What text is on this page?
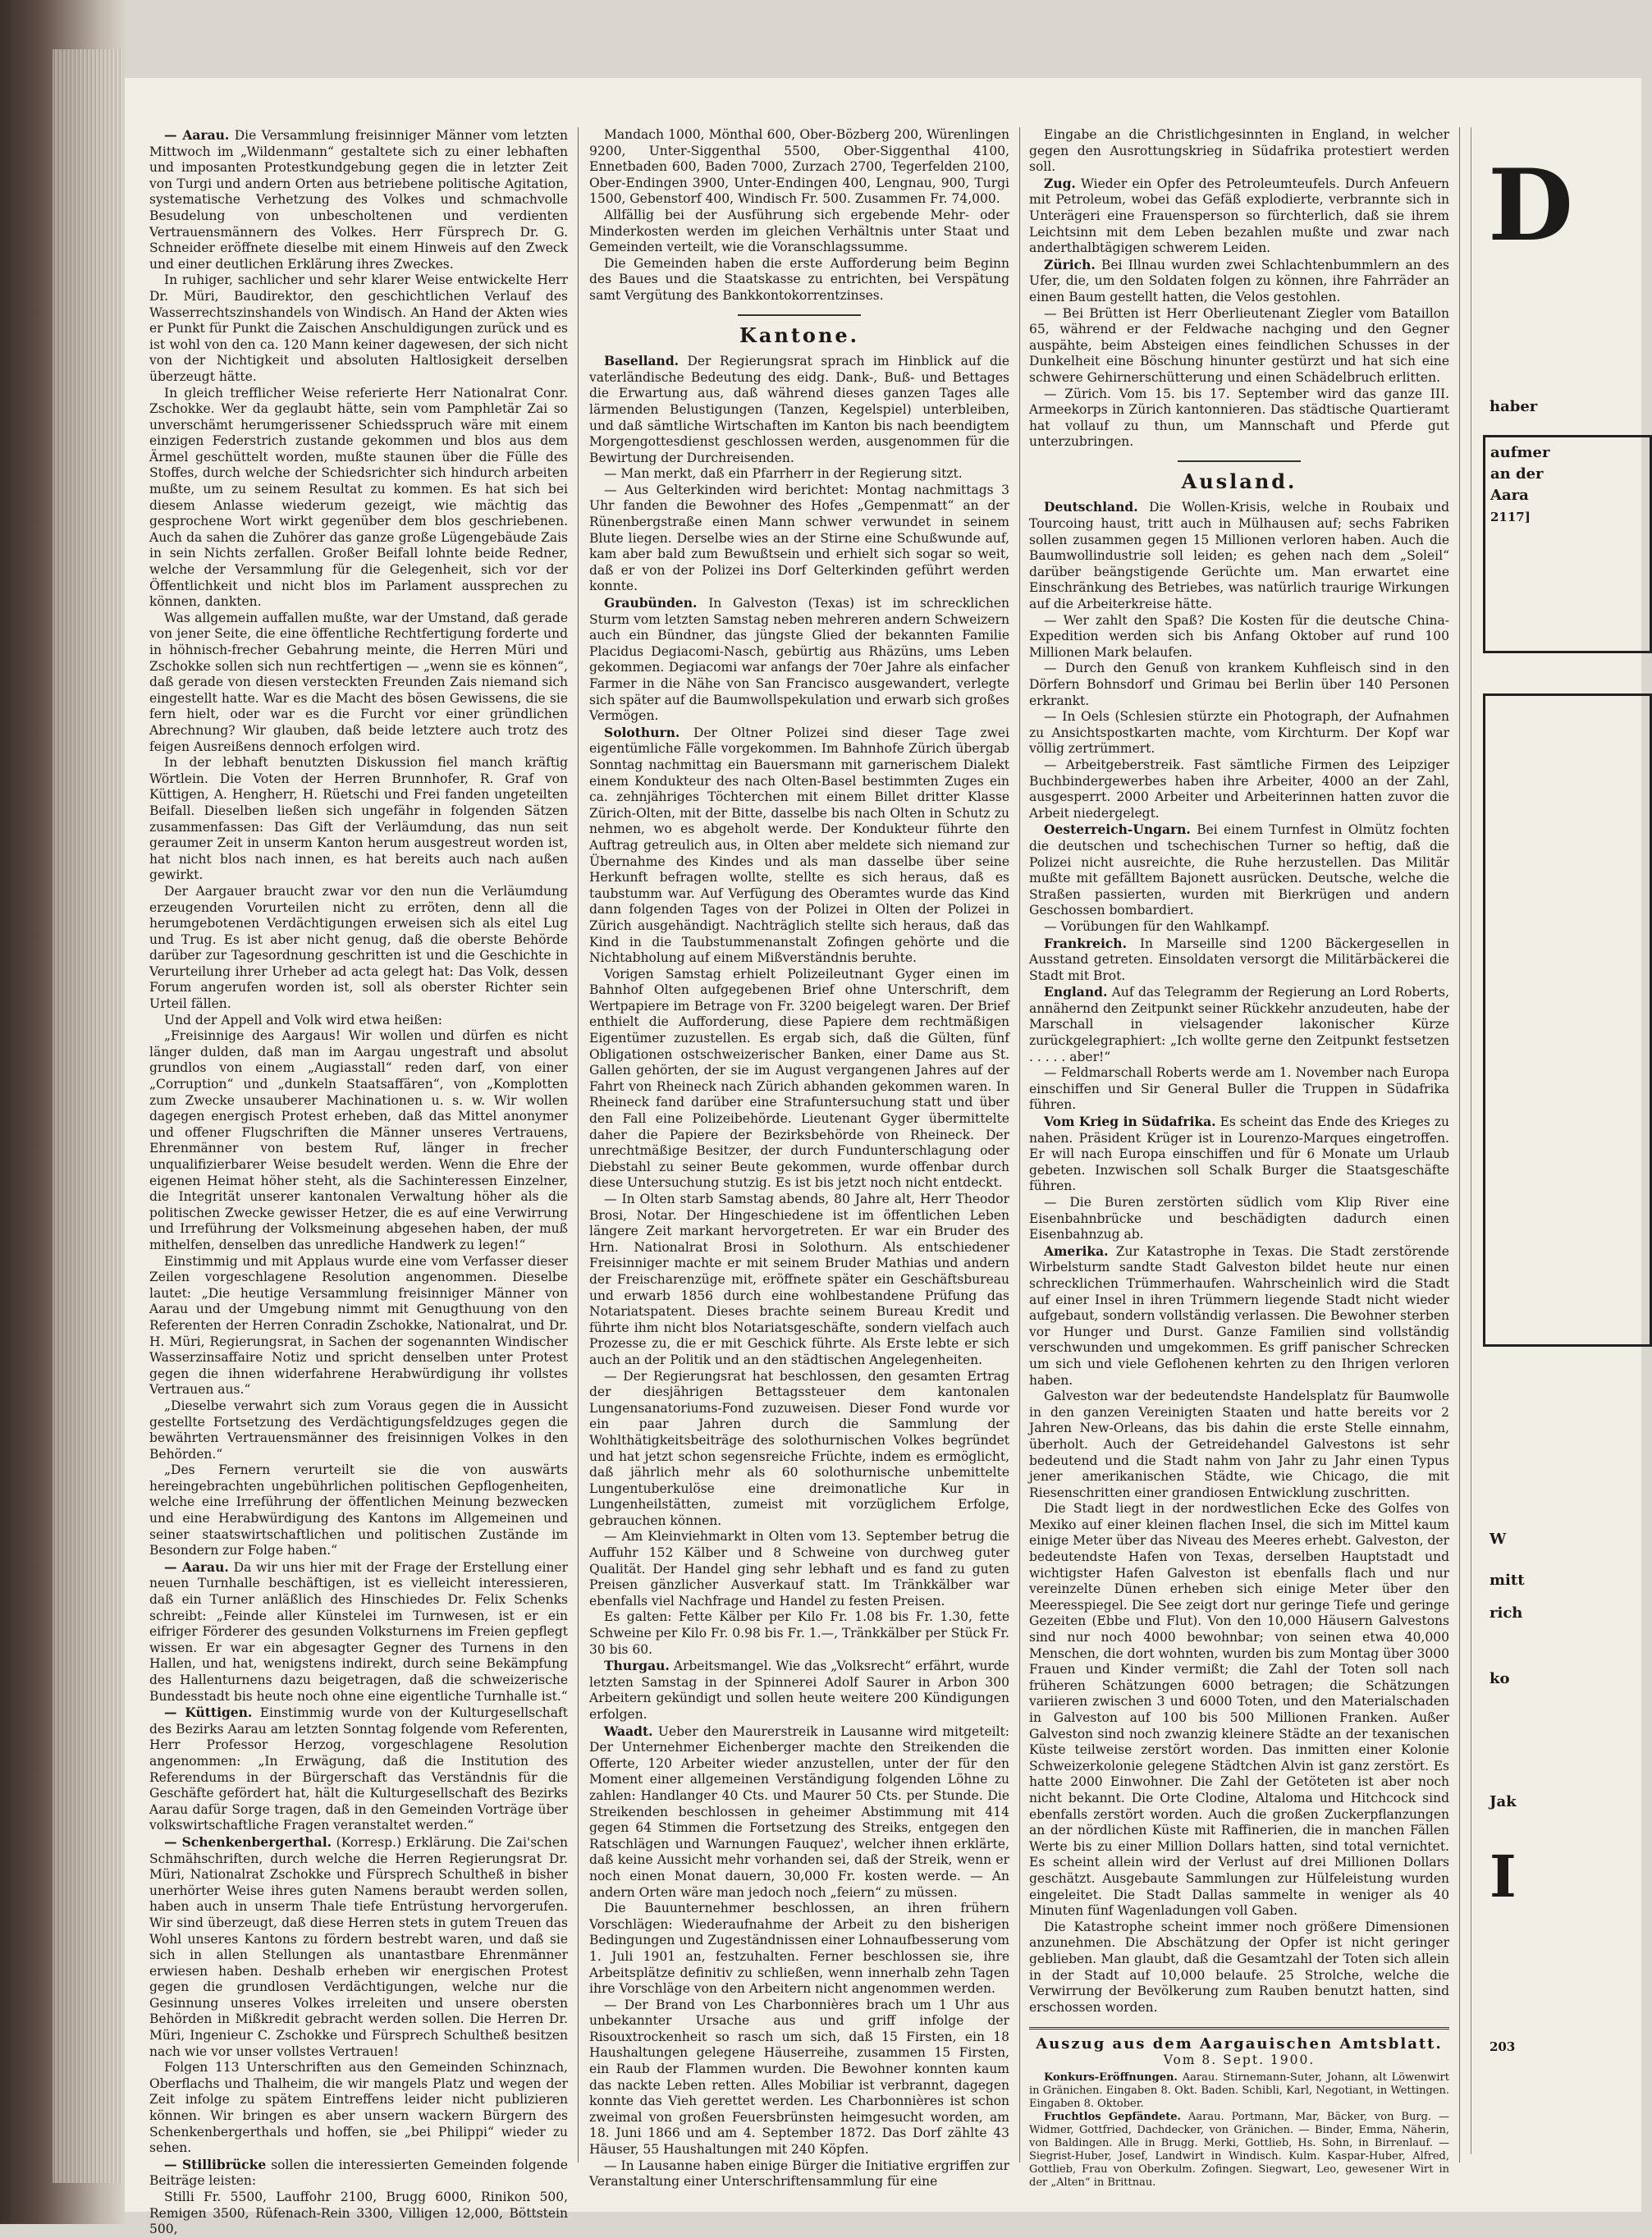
— Aarau. Die Versammlung freisinniger Männer vom letzten Mittwoch im „Wildenmann“ gestaltete sich zu einer lebhaften und imposanten Protestkundgebung gegen die in letzter Zeit von Turgi und andern Orten aus betriebene politische Agitation, systematische Verhetzung des Volkes und schmachvolle Besudelung von unbescholtenen und verdienten Vertrauensmännern des Volkes. Herr Fürsprech Dr. G. Schneider eröffnete dieselbe mit einem Hinweis auf den Zweck und einer deutlichen Erklärung ihres Zweckes.

In ruhiger, sachlicher und sehr klarer Weise entwickelte Herr Dr. Müri, Baudirektor, den geschichtlichen Verlauf des Wasserrechtszinshandels von Windisch. An Hand der Akten wies er Punkt für Punkt die Zaischen Anschuldigungen zurück und es ist wohl von den ca. 120 Mann keiner dagewesen, der sich nicht von der Nichtigkeit und absoluten Haltlosigkeit derselben überzeugt hätte.

In gleich trefflicher Weise referierte Herr Nationalrat Conr. Zschokke. Wer da geglaubt hätte, sein vom Pamphletär Zai so unverschämt herumgerissener Schiedsspruch wäre mit einem einzigen Federstrich zustande gekommen und blos aus dem Ärmel geschüttelt worden, mußte staunen über die Fülle des Stoffes, durch welche der Schiedsrichter sich hindurch arbeiten mußte, um zu seinem Resultat zu kommen. Es hat sich bei diesem Anlasse wiederum gezeigt, wie mächtig das gesprochene Wort wirkt gegenüber dem blos geschriebenen. Auch da sahen die Zuhörer das ganze große Lügengebäude Zais in sein Nichts zerfallen. Großer Beifall lohnte beide Redner, welche der Versammlung für die Gelegenheit, sich vor der Öffentlichkeit und nicht blos im Parlament aussprechen zu können, dankten.

Was allgemein auffallen mußte, war der Umstand, daß gerade von jener Seite, die eine öffentliche Rechtfertigung forderte und in höhnisch-frecher Gebahrung meinte, die Herren Müri und Zschokke sollen sich nun rechtfertigen — „wenn sie es können“, daß gerade von diesen versteckten Freunden Zais niemand sich eingestellt hatte. War es die Macht des bösen Gewissens, die sie fern hielt, oder war es die Furcht vor einer gründlichen Abrechnung? Wir glauben, daß beide letztere auch trotz des feigen Ausreißens dennoch erfolgen wird.

In der lebhaft benutzten Diskussion fiel manch kräftig Wörtlein. Die Voten der Herren Brunnhofer, R. Graf von Küttigen, A. Hengherr, H. Rüetschi und Frei fanden ungeteilten Beifall. Dieselben ließen sich ungefähr in folgenden Sätzen zusammenfassen: Das Gift der Verläumdung, das nun seit geraumer Zeit in unserm Kanton herum ausgestreut worden ist, hat nicht blos nach innen, es hat bereits auch nach außen gewirkt.

Der Aargauer braucht zwar vor den nun die Verläumdung erzeugenden Vorurteilen nicht zu erröten, denn all die herumgebotenen Verdächtigungen erweisen sich als eitel Lug und Trug. Es ist aber nicht genug, daß die oberste Behörde darüber zur Tagesordnung geschritten ist und die Geschichte in Verurteilung ihrer Urheber ad acta gelegt hat: Das Volk, dessen Forum angerufen worden ist, soll als oberster Richter sein Urteil fällen.

Und der Appell and Volk wird etwa heißen:

„Freisinnige des Aargaus! Wir wollen und dürfen es nicht länger dulden, daß man im Aargau ungestraft und absolut grundlos von einem „Augiasstall“ reden darf, von einer „Corruption“ und „dunkeln Staatsaffären“, von „Komplotten zum Zwecke unsauberer Machinationen u. s. w. Wir wollen dagegen energisch Protest erheben, daß das Mittel anonymer und offener Flugschriften die Männer unseres Vertrauens, Ehrenmänner von bestem Ruf, länger in frecher unqualifizierbarer Weise besudelt werden. Wenn die Ehre der eigenen Heimat höher steht, als die Sachinteressen Einzelner, die Integrität unserer kantonalen Verwaltung höher als die politischen Zwecke gewisser Hetzer, die es auf eine Verwirrung und Irreführung der Volksmeinung abgesehen haben, der muß mithelfen, denselben das unredliche Handwerk zu legen!“

Einstimmig und mit Applaus wurde eine vom Verfasser dieser Zeilen vorgeschlagene Resolution angenommen. Dieselbe lautet: „Die heutige Versammlung freisinniger Männer von Aarau und der Umgebung nimmt mit Genugthuung von den Referenten der Herren Conradin Zschokke, Nationalrat, und Dr. H. Müri, Regierungsrat, in Sachen der sogenannten Windischer Wasserzinsaffaire Notiz und spricht denselben unter Protest gegen die ihnen widerfahrene Herabwürdigung ihr vollstes Vertrauen aus.“

„Dieselbe verwahrt sich zum Voraus gegen die in Aussicht gestellte Fortsetzung des Verdächtigungsfeldzuges gegen die bewährten Vertrauensmänner des freisinnigen Volkes in den Behörden.“

„Des Fernern verurteilt sie die von auswärts hereingebrachten ungebührlichen politischen Gepflogenheiten, welche eine Irreführung der öffentlichen Meinung bezwecken und eine Herabwürdigung des Kantons im Allgemeinen und seiner staatswirtschaftlichen und politischen Zustände im Besondern zur Folge haben.“

— Aarau. Da wir uns hier mit der Frage der Erstellung einer neuen Turnhalle beschäftigen, ist es vielleicht interessieren, daß ein Turner anläßlich des Hinschiedes Dr. Felix Schenks schreibt: „Feinde aller Künstelei im Turnwesen, ist er ein eifriger Förderer des gesunden Volksturnens im Freien gepflegt wissen. Er war ein abgesagter Gegner des Turnens in den Hallen, und hat, wenigstens indirekt, durch seine Bekämpfung des Hallenturnens dazu beigetragen, daß die schweizerische Bundesstadt bis heute noch ohne eine eigentliche Turnhalle ist.“

— Küttigen. Einstimmig wurde von der Kulturgesellschaft des Bezirks Aarau am letzten Sonntag folgende vom Referenten, Herr Professor Herzog, vorgeschlagene Resolution angenommen: „In Erwägung, daß die Institution des Referendums in der Bürgerschaft das Verständnis für die Geschäfte gefördert hat, hält die Kulturgesellschaft des Bezirks Aarau dafür Sorge tragen, daß in den Gemeinden Vorträge über volkswirtschaftliche Fragen veranstaltet werden.“

— Schenkenbergerthal. (Korresp.) Erklärung. Die Zai'schen Schmähschriften, durch welche die Herren Regierungsrat Dr. Müri, Nationalrat Zschokke und Fürsprech Schultheß in bisher unerhörter Weise ihres guten Namens beraubt werden sollen, haben auch in unserm Thale tiefe Entrüstung hervorgerufen. Wir sind überzeugt, daß diese Herren stets in gutem Treuen das Wohl unseres Kantons zu fördern bestrebt waren, und daß sie sich in allen Stellungen als unantastbare Ehrenmänner erwiesen haben. Deshalb erheben wir energischen Protest gegen die grundlosen Verdächtigungen, welche nur die Gesinnung unseres Volkes irreleiten und unsere obersten Behörden in Mißkredit gebracht werden sollen. Die Herren Dr. Müri, Ingenieur C. Zschokke und Fürsprech Schultheß besitzen nach wie vor unser vollstes Vertrauen!

Folgen 113 Unterschriften aus den Gemeinden Schinznach, Oberflachs und Thalheim, die wir mangels Platz und wegen der Zeit infolge zu spätem Eintreffens leider nicht publizieren können. Wir bringen es aber unsern wackern Bürgern des Schenkenbergerthals und hoffen, sie „bei Philippi“ wieder zu sehen.

— Stillibrücke sollen die interessierten Gemeinden folgende Beiträge leisten:

Stilli Fr. 5500, Lauffohr 2100, Brugg 6000, Rinikon 500, Remigen 3500, Rüfenach-Rein 3300, Villigen 12,000, Böttstein 500,

Mandach 1000, Mönthal 600, Ober-Bözberg 200, Würenlingen 9200, Unter-Siggenthal 5500, Ober-Siggenthal 4100, Ennetbaden 600, Baden 7000, Zurzach 2700, Tegerfelden 2100, Ober-Endingen 3900, Unter-Endingen 400, Lengnau, 900, Turgi 1500, Gebenstorf 400, Windisch Fr. 500. Zusammen Fr. 74,000.

Allfällig bei der Ausführung sich ergebende Mehr- oder Minderkosten werden im gleichen Verhältnis unter Staat und Gemeinden verteilt, wie die Voranschlagssumme.

Die Gemeinden haben die erste Aufforderung beim Beginn des Baues und die Staatskasse zu entrichten, bei Verspätung samt Vergütung des Bankkontokorrentzinses.

Kantone.

Baselland. Der Regierungsrat sprach im Hinblick auf die vaterländische Bedeutung des eidg. Dank-, Buß- und Bettages die Erwartung aus, daß während dieses ganzen Tages alle lärmenden Belustigungen (Tanzen, Kegelspiel) unterbleiben, und daß sämtliche Wirtschaften im Kanton bis nach beendigtem Morgengottesdienst geschlossen werden, ausgenommen für die Bewirtung der Durchreisenden.

— Man merkt, daß ein Pfarrherr in der Regierung sitzt.

— Aus Gelterkinden wird berichtet: Montag nachmittags 3 Uhr fanden die Bewohner des Hofes „Gempenmatt“ an der Rünenbergstraße einen Mann schwer verwundet in seinem Blute liegen. Derselbe wies an der Stirne eine Schußwunde auf, kam aber bald zum Bewußtsein und erhielt sich sogar so weit, daß er von der Polizei ins Dorf Gelterkinden geführt werden konnte.

Graubünden. In Galveston (Texas) ist im schrecklichen Sturm vom letzten Samstag neben mehreren andern Schweizern auch ein Bündner, das jüngste Glied der bekannten Familie Placidus Degiacomi-Nasch, gebürtig aus Rhäzüns, ums Leben gekommen. Degiacomi war anfangs der 70er Jahre als einfacher Farmer in die Nähe von San Francisco ausgewandert, verlegte sich später auf die Baumwollspekulation und erwarb sich großes Vermögen.

Solothurn. Der Oltner Polizei sind dieser Tage zwei eigentümliche Fälle vorgekommen. Im Bahnhofe Zürich übergab Sonntag nachmittag ein Bauersmann mit garnerischem Dialekt einem Kondukteur des nach Olten-Basel bestimmten Zuges ein ca. zehnjähriges Töchterchen mit einem Billet dritter Klasse Zürich-Olten, mit der Bitte, dasselbe bis nach Olten in Schutz zu nehmen, wo es abgeholt werde. Der Kondukteur führte den Auftrag getreulich aus, in Olten aber meldete sich niemand zur Übernahme des Kindes und als man dasselbe über seine Herkunft befragen wollte, stellte es sich heraus, daß es taubstumm war. Auf Verfügung des Oberamtes wurde das Kind dann folgenden Tages von der Polizei in Olten der Polizei in Zürich ausgehändigt. Nachträglich stellte sich heraus, daß das Kind in die Taubstummenanstalt Zofingen gehörte und die Nichtabholung auf einem Mißverständnis beruhte.

Vorigen Samstag erhielt Polizeileutnant Gyger einen im Bahnhof Olten aufgegebenen Brief ohne Unterschrift, dem Wertpapiere im Betrage von Fr. 3200 beigelegt waren. Der Brief enthielt die Aufforderung, diese Papiere dem rechtmäßigen Eigentümer zuzustellen. Es ergab sich, daß die Gülten, fünf Obligationen ostschweizerischer Banken, einer Dame aus St. Gallen gehörten, der sie im August vergangenen Jahres auf der Fahrt von Rheineck nach Zürich abhanden gekommen waren. In Rheineck fand darüber eine Strafuntersuchung statt und über den Fall eine Polizeibehörde. Lieutenant Gyger übermittelte daher die Papiere der Bezirksbehörde von Rheineck. Der unrechtmäßige Besitzer, der durch Fundunterschlagung oder Diebstahl zu seiner Beute gekommen, wurde offenbar durch diese Untersuchung stutzig. Es ist bis jetzt noch nicht entdeckt.

— In Olten starb Samstag abends, 80 Jahre alt, Herr Theodor Brosi, Notar. Der Hingeschiedene ist im öffentlichen Leben längere Zeit markant hervorgetreten. Er war ein Bruder des Hrn. Nationalrat Brosi in Solothurn. Als entschiedener Freisinniger machte er mit seinem Bruder Mathias und andern der Freischarenzüge mit, eröffnete später ein Geschäftsbureau und erwarb 1856 durch eine wohlbestandene Prüfung das Notariatspatent. Dieses brachte seinem Bureau Kredit und führte ihm nicht blos Notariatsgeschäfte, sondern vielfach auch Prozesse zu, die er mit Geschick führte. Als Erste lebte er sich auch an der Politik und an den städtischen Angelegenheiten.

— Der Regierungsrat hat beschlossen, den gesamten Ertrag der diesjährigen Bettagssteuer dem kantonalen Lungensanatoriums-Fond zuzuweisen. Dieser Fond wurde vor ein paar Jahren durch die Sammlung der Wohlthätigkeitsbeiträge des solothurnischen Volkes begründet und hat jetzt schon segensreiche Früchte, indem es ermöglicht, daß jährlich mehr als 60 solothurnische unbemittelte Lungentuberkulöse eine dreimonatliche Kur in Lungenheilstätten, zumeist mit vorzüglichem Erfolge, gebrauchen können.

— Am Kleinviehmarkt in Olten vom 13. September betrug die Auffuhr 152 Kälber und 8 Schweine von durchweg guter Qualität. Der Handel ging sehr lebhaft und es fand zu guten Preisen gänzlicher Ausverkauf statt. Im Tränkkälber war ebenfalls viel Nachfrage und Handel zu festen Preisen.

Es galten: Fette Kälber per Kilo Fr. 1.08 bis Fr. 1.30, fette Schweine per Kilo Fr. 0.98 bis Fr. 1.—, Tränkkälber per Stück Fr. 30 bis 60.

Thurgau. Arbeitsmangel. Wie das „Volksrecht“ erfährt, wurde letzten Samstag in der Spinnerei Adolf Saurer in Arbon 300 Arbeitern gekündigt und sollen heute weitere 200 Kündigungen erfolgen.

Waadt. Ueber den Maurerstreik in Lausanne wird mitgeteilt: Der Unternehmer Eichenberger machte den Streikenden die Offerte, 120 Arbeiter wieder anzustellen, unter der für den Moment einer allgemeinen Verständigung folgenden Löhne zu zahlen: Handlanger 40 Cts. und Maurer 50 Cts. per Stunde. Die Streikenden beschlossen in geheimer Abstimmung mit 414 gegen 64 Stimmen die Fortsetzung des Streiks, entgegen den Ratschlägen und Warnungen Fauquez', welcher ihnen erklärte, daß keine Aussicht mehr vorhanden sei, daß der Streik, wenn er noch einen Monat dauern, 30,000 Fr. kosten werde. — An andern Orten wäre man jedoch noch „feiern“ zu müssen.

Die Bauunternehmer beschlossen, an ihren frühern Vorschlägen: Wiederaufnahme der Arbeit zu den bisherigen Bedingungen und Zugeständnissen einer Lohnaufbesserung vom 1. Juli 1901 an, festzuhalten. Ferner beschlossen sie, ihre Arbeitsplätze definitiv zu schließen, wenn innerhalb zehn Tagen ihre Vorschläge von den Arbeitern nicht angenommen werden.

— Der Brand von Les Charbonnières brach um 1 Uhr aus unbekannter Ursache aus und griff infolge der Risouxtrockenheit so rasch um sich, daß 15 Firsten, ein 18 Haushaltungen gelegene Häuserreihe, zusammen 15 Firsten, ein Raub der Flammen wurden. Die Bewohner konnten kaum das nackte Leben retten. Alles Mobiliar ist verbrannt, dagegen konnte das Vieh gerettet werden. Les Charbonnières ist schon zweimal von großen Feuersbrünsten heimgesucht worden, am 18. Juni 1866 und am 4. September 1872. Das Dorf zählte 43 Häuser, 55 Haushaltungen mit 240 Köpfen.

— In Lausanne haben einige Bürger die Initiative ergriffen zur Veranstaltung einer Unterschriftensammlung für eine

Eingabe an die Christlichgesinnten in England, in welcher gegen den Ausrottungskrieg in Südafrika protestiert werden soll.

Zug. Wieder ein Opfer des Petroleumteufels. Durch Anfeuern mit Petroleum, wobei das Gefäß explodierte, verbrannte sich in Unterägeri eine Frauensperson so fürchterlich, daß sie ihrem Leichtsinn mit dem Leben bezahlen mußte und zwar nach anderthalbtägigen schwerem Leiden.

Zürich. Bei Illnau wurden zwei Schlachtenbummlern an des Ufer, die, um den Soldaten folgen zu können, ihre Fahrräder an einen Baum gestellt hatten, die Velos gestohlen.

— Bei Brütten ist Herr Oberlieutenant Ziegler vom Bataillon 65, während er der Feldwache nachging und den Gegner auspähte, beim Absteigen eines feindlichen Schusses in der Dunkelheit eine Böschung hinunter gestürzt und hat sich eine schwere Gehirnerschütterung und einen Schädelbruch erlitten.

— Zürich. Vom 15. bis 17. September wird das ganze III. Armeekorps in Zürich kantonnieren. Das städtische Quartieramt hat vollauf zu thun, um Mannschaft und Pferde gut unterzubringen.

Ausland.

Deutschland. Die Wollen-Krisis, welche in Roubaix und Tourcoing haust, tritt auch in Mülhausen auf; sechs Fabriken sollen zusammen gegen 15 Millionen verloren haben. Auch die Baumwollindustrie soll leiden; es gehen nach dem „Soleil“ darüber beängstigende Gerüchte um. Man erwartet eine Einschränkung des Betriebes, was natürlich traurige Wirkungen auf die Arbeiterkreise hätte.

— Wer zahlt den Spaß? Die Kosten für die deutsche China-Expedition werden sich bis Anfang Oktober auf rund 100 Millionen Mark belaufen.

— Durch den Genuß von krankem Kuhfleisch sind in den Dörfern Bohnsdorf und Grimau bei Berlin über 140 Personen erkrankt.

— In Oels (Schlesien stürzte ein Photograph, der Aufnahmen zu Ansichtspostkarten machte, vom Kirchturm. Der Kopf war völlig zertrümmert.

— Arbeitgeberstreik. Fast sämtliche Firmen des Leipziger Buchbindergewerbes haben ihre Arbeiter, 4000 an der Zahl, ausgesperrt. 2000 Arbeiter und Arbeiterinnen hatten zuvor die Arbeit niedergelegt.

Oesterreich-Ungarn. Bei einem Turnfest in Olmütz fochten die deutschen und tschechischen Turner so heftig, daß die Polizei nicht ausreichte, die Ruhe herzustellen. Das Militär mußte mit gefälltem Bajonett ausrücken. Deutsche, welche die Straßen passierten, wurden mit Bierkrügen und andern Geschossen bombardiert.

— Vorübungen für den Wahlkampf.

Frankreich. In Marseille sind 1200 Bäckergesellen in Ausstand getreten. Einsoldaten versorgt die Militärbäckerei die Stadt mit Brot.

England. Auf das Telegramm der Regierung an Lord Roberts, annähernd den Zeitpunkt seiner Rückkehr anzudeuten, habe der Marschall in vielsagender lakonischer Kürze zurückgelegraphiert: „Ich wollte gerne den Zeitpunkt festsetzen . . . . . aber!“

— Feldmarschall Roberts werde am 1. November nach Europa einschiffen und Sir General Buller die Truppen in Südafrika führen.

Vom Krieg in Südafrika. Es scheint das Ende des Krieges zu nahen. Präsident Krüger ist in Lourenzo-Marques eingetroffen. Er will nach Europa einschiffen und für 6 Monate um Urlaub gebeten. Inzwischen soll Schalk Burger die Staatsgeschäfte führen.

— Die Buren zerstörten südlich vom Klip River eine Eisenbahnbrücke und beschädigten dadurch einen Eisenbahnzug ab.

Amerika. Zur Katastrophe in Texas. Die Stadt zerstörende Wirbelsturm sandte Stadt Galveston bildet heute nur einen schrecklichen Trümmerhaufen. Wahrscheinlich wird die Stadt auf einer Insel in ihren Trümmern liegende Stadt nicht wieder aufgebaut, sondern vollständig verlassen. Die Bewohner sterben vor Hunger und Durst. Ganze Familien sind vollständig verschwunden und umgekommen. Es griff panischer Schrecken um sich und viele Geflohenen kehrten zu den Ihrigen verloren haben.

Galveston war der bedeutendste Handelsplatz für Baumwolle in den ganzen Vereinigten Staaten und hatte bereits vor 2 Jahren New-Orleans, das bis dahin die erste Stelle einnahm, überholt. Auch der Getreidehandel Galvestons ist sehr bedeutend und die Stadt nahm von Jahr zu Jahr einen Typus jener amerikanischen Städte, wie Chicago, die mit Riesenschritten einer grandiosen Entwicklung zuschritten.

Die Stadt liegt in der nordwestlichen Ecke des Golfes von Mexiko auf einer kleinen flachen Insel, die sich im Mittel kaum einige Meter über das Niveau des Meeres erhebt. Galveston, der bedeutendste Hafen von Texas, derselben Hauptstadt und wichtigster Hafen Galveston ist ebenfalls flach und nur vereinzelte Dünen erheben sich einige Meter über den Meeresspiegel. Die See zeigt dort nur geringe Tiefe und geringe Gezeiten (Ebbe und Flut). Von den 10,000 Häusern Galvestons sind nur noch 4000 bewohnbar; von seinen etwa 40,000 Menschen, die dort wohnten, wurden bis zum Montag über 3000 Frauen und Kinder vermißt; die Zahl der Toten soll nach früheren Schätzungen 6000 betragen; die Schätzungen variieren zwischen 3 und 6000 Toten, und den Materialschaden in Galveston auf 100 bis 500 Millionen Franken. Außer Galveston sind noch zwanzig kleinere Städte an der texanischen Küste teilweise zerstört worden. Das inmitten einer Kolonie Schweizerkolonie gelegene Städtchen Alvin ist ganz zerstört. Es hatte 2000 Einwohner. Die Zahl der Getöteten ist aber noch nicht bekannt. Die Orte Clodine, Altaloma und Hitchcock sind ebenfalls zerstört worden. Auch die großen Zuckerpflanzungen an der nördlichen Küste mit Raffinerien, die in manchen Fällen Werte bis zu einer Million Dollars hatten, sind total vernichtet. Es scheint allein wird der Verlust auf drei Millionen Dollars geschätzt. Ausgebaute Sammlungen zur Hülfeleistung wurden eingeleitet. Die Stadt Dallas sammelte in weniger als 40 Minuten fünf Wagenladungen voll Gaben.

Die Katastrophe scheint immer noch größere Dimensionen anzunehmen. Die Abschätzung der Opfer ist nicht geringer geblieben. Man glaubt, daß die Gesamtzahl der Toten sich allein in der Stadt auf 10,000 belaufe. 25 Strolche, welche die Verwirrung der Bevölkerung zum Rauben benutzt hatten, sind erschossen worden.

Auszug aus dem Aargauischen Amtsblatt.

Vom 8. Sept. 1900.

Konkurs-Eröffnungen. Aarau. Stirnemann-Suter, Johann, alt Löwenwirt in Gränichen. Eingaben 8. Okt. Baden. Schibli, Karl, Negotiant, in Wettingen. Eingaben 8. Oktober.

Fruchtlos Gepfändete. Aarau. Portmann, Mar, Bäcker, von Burg. — Widmer, Gottfried, Dachdecker, von Gränichen. — Binder, Emma, Näherin, von Baldingen. Alle in Brugg. Merki, Gottlieb, Hs. Sohn, in Birrenlauf. — Siegrist-Huber, Josef, Landwirt in Windisch. Kulm. Kaspar-Huber, Alfred, Gottlieb, Frau von Oberkulm. Zofingen. Siegwart, Leo, gewesener Wirt in der „Alten“ in Brittnau.

D
haber
aufmer
an der
Aara
2117]
W
mitt
rich
ko
Jak
I
203
